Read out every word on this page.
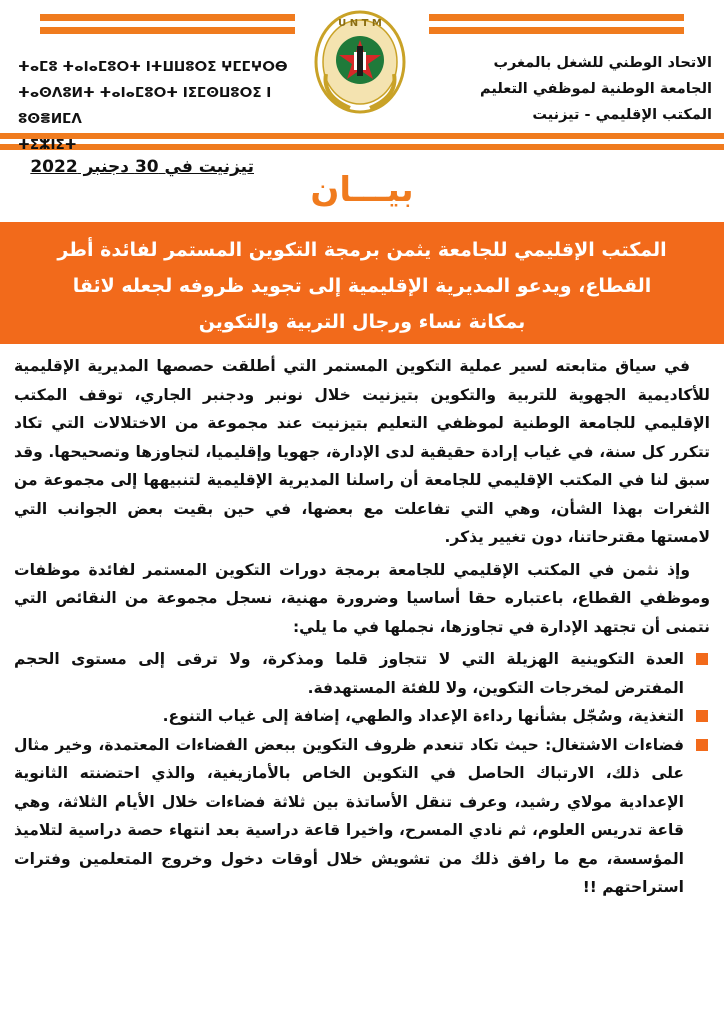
الاتحاد الوطني للشغل بالمغرب
الجامعة الوطنية لموظفي التعليم
المكتب الإقليمي - تيزنيت
ⵜⴰⵎⵓ ⵜⴰⵏⴰⵎⵓⵔⵜ ⵏⵜⵡⵡⵓⵔⵉ ⵖⵎⵎⵖⵔⴱ
ⵜⴰⵙⴷⵓⵍⵜ ⵜⴰⵏⴰⵎⵓⵔⵜ ⵏⵉⵎⵙⵡⵓⵔⵉ ⵏ ⵓⵙⴻⵍⵎⴷ
ⵜⵉⵣⵏⵉⵜ
U N T M
تيزنيت في 30 دجنبر 2022
بيـــان
المكتب الإقليمي للجامعة يثمن برمجة التكوين المستمر لفائدة أطر
القطاع، ويدعو المديرية الإقليمية إلى تجويد ظروفه لجعله لائقا
بمكانة نساء ورجال التربية والتكوين

في سياق متابعته لسير عملية التكوين المستمر التي أطلقت حصصها المديرية الإقليمية للأكاديمية الجهوية للتربية والتكوين بتيزنيت خلال نونبر ودجنبر الجاري، توقف المكتب الإقليمي للجامعة الوطنية لموظفي التعليم بتيزنيت عند مجموعة من الاختلالات التي تكاد تتكرر كل سنة، في غياب إرادة حقيقية لدى الإدارة، جهويا وإقليميا، لتجاوزها وتصحيحها. وقد سبق لنا في المكتب الإقليمي للجامعة أن راسلنا المديرية الإقليمية لتنبيهها إلى مجموعة من الثغرات بهذا الشأن، وهي التي تفاعلت مع بعضها، في حين بقيت بعض الجوانب التي لامستها مقترحاتنا، دون تغيير يذكر.

وإذ نثمن في المكتب الإقليمي للجامعة برمجة دورات التكوين المستمر لفائدة موظفات وموظفي القطاع، باعتباره حقا أساسيا وضرورة مهنية، نسجل مجموعة من النقائص التي نتمنى أن تجتهد الإدارة في تجاوزها، نجملها في ما يلي:

العدة التكوينية الهزيلة التي لا تتجاوز قلما ومذكرة، ولا ترقى إلى مستوى الحجم المفترض لمخرجات التكوين، ولا للفئة المستهدفة.
التغذية، وسُجّل بشأنها رداءة الإعداد والطهي، إضافة إلى غياب التنوع.
فضاءات الاشتغال: حيث تكاد تنعدم ظروف التكوين ببعض الفضاءات المعتمدة، وخير مثال على ذلك، الارتباك الحاصل في التكوين الخاص بالأمازيغية، والذي احتضنته الثانوية الإعدادية مولاي رشيد، وعرف تنقل الأساتذة بين ثلاثة فضاءات خلال الأيام الثلاثة، وهي قاعة تدريس العلوم، ثم نادي المسرح، واخيرا قاعة دراسية بعد انتهاء حصة دراسية لتلاميذ المؤسسة، مع ما رافق ذلك من تشويش خلال أوقات دخول وخروج المتعلمين وفترات استراحتهم !!
